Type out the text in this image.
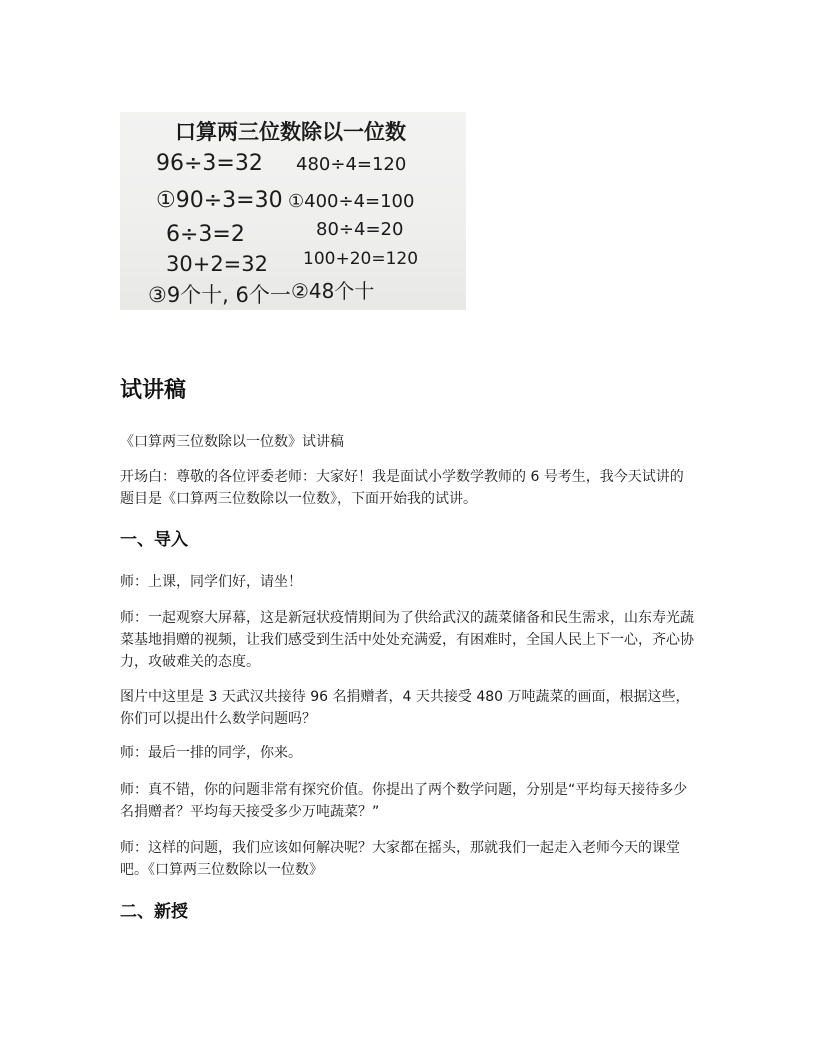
口算两三位数除以一位数
96÷3=32
①90÷3=30
6÷3=2
30+2=32
③9个十, 6个一
480÷4=120
①400÷4=100
80÷4=20
100+20=120
②48个十
试讲稿

《口算两三位数除以一位数》试讲稿

开场白：尊敬的各位评委老师：大家好！我是面试小学数学教师的 6 号考生，我今天试讲的题目是《口算两三位数除以一位数》，下面开始我的试讲。

一、导入

师：上课，同学们好，请坐！

师：一起观察大屏幕，这是新冠状疫情期间为了供给武汉的蔬菜储备和民生需求，山东寿光蔬菜基地捐赠的视频，让我们感受到生活中处处充满爱，有困难时，全国人民上下一心，齐心协力，攻破难关的态度。

图片中这里是 3 天武汉共接待 96 名捐赠者，4 天共接受 480 万吨蔬菜的画面，根据这些，你们可以提出什么数学问题吗？

师：最后一排的同学，你来。

师：真不错，你的问题非常有探究价值。你提出了两个数学问题，分别是“平均每天接待多少名捐赠者？平均每天接受多少万吨蔬菜？”

师：这样的问题，我们应该如何解决呢？大家都在摇头，那就我们一起走入老师今天的课堂吧。《口算两三位数除以一位数》

二、新授
